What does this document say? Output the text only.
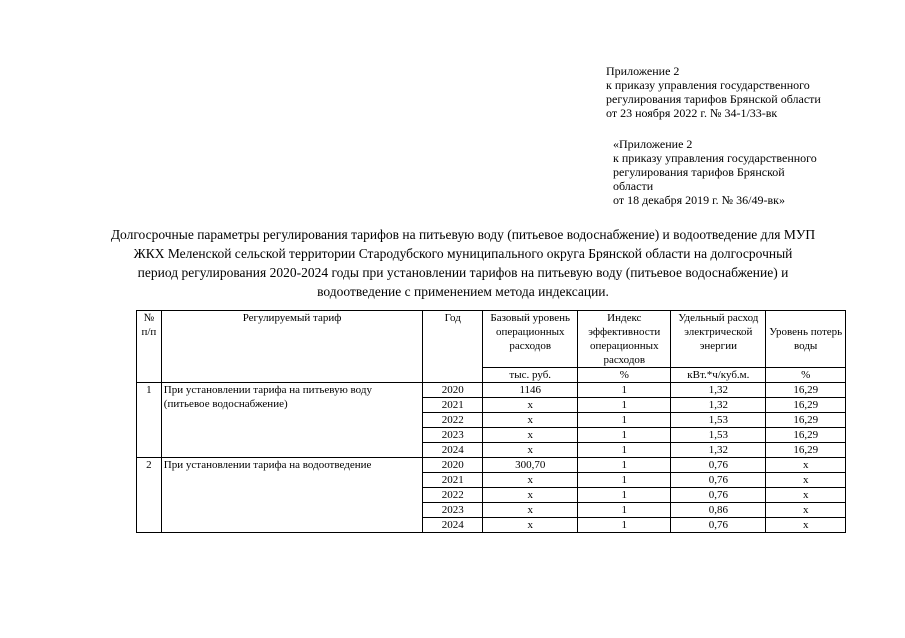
Приложение 2
к приказу управления государственного
регулирования тарифов Брянской области
от 23 ноября 2022 г. № 34-1/33-вк
«Приложение 2
к приказу управления государственного
регулирования тарифов Брянской
области
от 18 декабря 2019 г. № 36/49-вк»
Долгосрочные параметры регулирования тарифов на питьевую воду (питьевое водоснабжение) и водоотведение для МУП
ЖКХ Меленской сельской территории Стародубского муниципального округа Брянской области на долгосрочный
период регулирования 2020-2024 годы при установлении тарифов на питьевую воду (питьевое водоснабжение) и
водоотведение с применением метода индексации.
№ п/п	Регулируемый тариф	Год	Базовый уровень операционных расходов	Индекс эффективности операционных расходов	Удельный расход электрической энергии	Уровень потерь воды
			тыс. руб.	%	кВт.*ч/куб.м.	%
1	При установлении тарифа на питьевую воду (питьевое водоснабжение)	2020	1146	1	1,32	16,29
		2021	х	1	1,32	16,29
		2022	х	1	1,53	16,29
		2023	х	1	1,53	16,29
		2024	х	1	1,32	16,29
2	При установлении тарифа на водоотведение	2020	300,70	1	0,76	х
		2021	х	1	0,76	х
		2022	х	1	0,76	х
		2023	х	1	0,86	х
		2024	х	1	0,76	х
